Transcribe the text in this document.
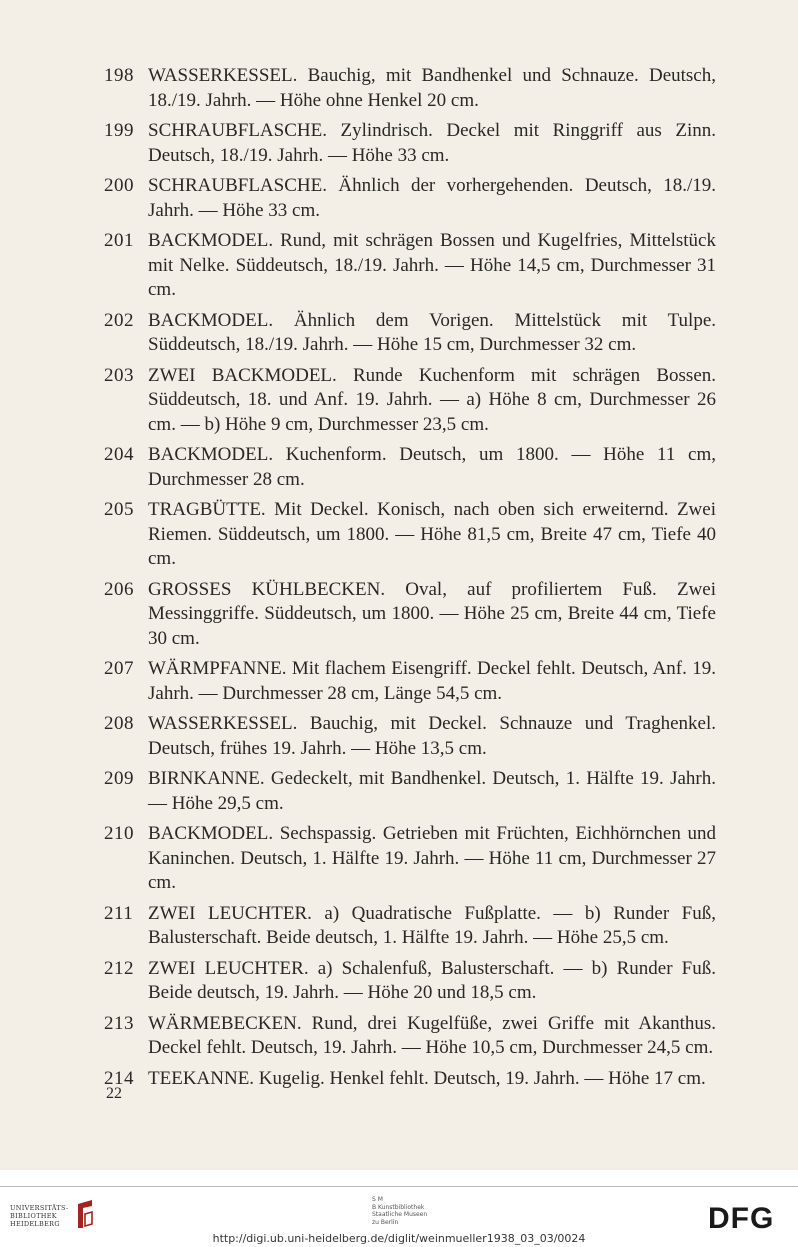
198 WASSERKESSEL. Bauchig, mit Bandhenkel und Schnauze. Deutsch, 18./19. Jahrh. — Höhe ohne Henkel 20 cm.
199 SCHRAUBFLASCHE. Zylindrisch. Deckel mit Ringgriff aus Zinn. Deutsch, 18./19. Jahrh. — Höhe 33 cm.
200 SCHRAUBFLASCHE. Ähnlich der vorhergehenden. Deutsch, 18./19. Jahrh. — Höhe 33 cm.
201 BACKMODEL. Rund, mit schrägen Bossen und Kugelfries, Mittelstück mit Nelke. Süddeutsch, 18./19. Jahrh. — Höhe 14,5 cm, Durchmesser 31 cm.
202 BACKMODEL. Ähnlich dem Vorigen. Mittelstück mit Tulpe. Süddeutsch, 18./19. Jahrh. — Höhe 15 cm, Durchmesser 32 cm.
203 ZWEI BACKMODEL. Runde Kuchenform mit schrägen Bossen. Süddeutsch, 18. und Anf. 19. Jahrh. — a) Höhe 8 cm, Durchmesser 26 cm. — b) Höhe 9 cm, Durchmesser 23,5 cm.
204 BACKMODEL. Kuchenform. Deutsch, um 1800. — Höhe 11 cm, Durchmesser 28 cm.
205 TRAGBÜTTE. Mit Deckel. Konisch, nach oben sich erweiternd. Zwei Riemen. Süddeutsch, um 1800. — Höhe 81,5 cm, Breite 47 cm, Tiefe 40 cm.
206 GROSSES KÜHLBECKEN. Oval, auf profiliertem Fuß. Zwei Messinggriffe. Süddeutsch, um 1800. — Höhe 25 cm, Breite 44 cm, Tiefe 30 cm.
207 WÄRMPFANNE. Mit flachem Eisengriff. Deckel fehlt. Deutsch, Anf. 19. Jahrh. — Durchmesser 28 cm, Länge 54,5 cm.
208 WASSERKESSEL. Bauchig, mit Deckel. Schnauze und Traghenkel. Deutsch, frühes 19. Jahrh. — Höhe 13,5 cm.
209 BIRNKANNE. Gedeckelt, mit Bandhenkel. Deutsch, 1. Hälfte 19. Jahrh. — Höhe 29,5 cm.
210 BACKMODEL. Sechspassig. Getrieben mit Früchten, Eichhörnchen und Kaninchen. Deutsch, 1. Hälfte 19. Jahrh. — Höhe 11 cm, Durchmesser 27 cm.
211 ZWEI LEUCHTER. a) Quadratische Fußplatte. — b) Runder Fuß, Balusterschaft. Beide deutsch, 1. Hälfte 19. Jahrh. — Höhe 25,5 cm.
212 ZWEI LEUCHTER. a) Schalenfuß, Balusterschaft. — b) Runder Fuß. Beide deutsch, 19. Jahrh. — Höhe 20 und 18,5 cm.
213 WÄRMEBECKEN. Rund, drei Kugelfüße, zwei Griffe mit Akanthus. Deckel fehlt. Deutsch, 19. Jahrh. — Höhe 10,5 cm, Durchmesser 24,5 cm.
214 TEEKANNE. Kugelig. Henkel fehlt. Deutsch, 19. Jahrh. — Höhe 17 cm.
22
UNIVERSITÄTS-
BIBLIOTHEK
HEIDELBERG
S M
B Kunstbibliothek
Staatliche Museen
zu Berlin	DFG
http://digi.ub.uni-heidelberg.de/diglit/weinmueller1938_03_03/0024
